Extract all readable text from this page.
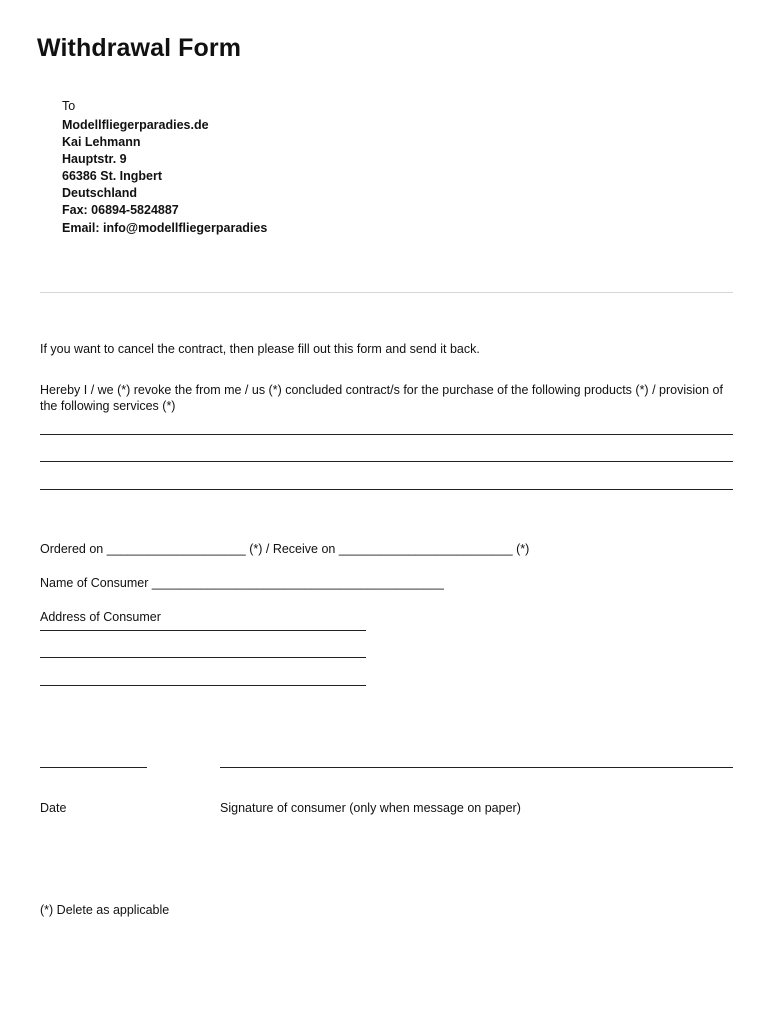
Withdrawal Form
To
Modellfliegerparadies.de
Kai Lehmann
Hauptstr. 9
66386 St. Ingbert
Deutschland
Fax: 06894-5824887
Email: info@modellfliegerparadies
If you want to cancel the contract, then please fill out this form and send it back.
Hereby I / we (*) revoke the from me / us (*) concluded contract/s for the purchase of the following products (*) / provision of the following services (*)
Ordered on ____________________ (*) / Receive on _________________________ (*)
Name of Consumer __________________________________________
Address of Consumer
Date	Signature of consumer (only when message on paper)
(*) Delete as applicable
